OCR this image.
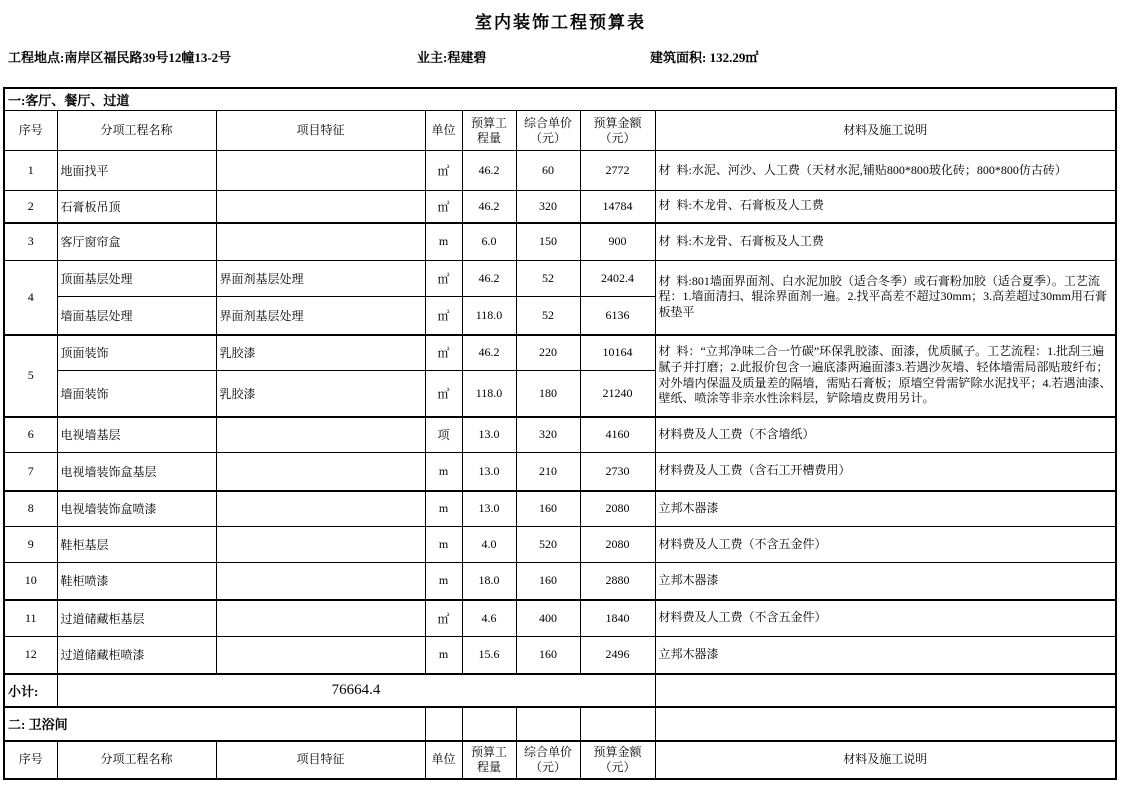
室内装饰工程预算表
工程地点:南岸区福民路39号12幢13-2号	业主:程建碧	建筑面积: 132.29㎡
一:客厅、餐厅、过道							
序号	分项工程名称	项目特征	单位	预算工程量	综合单价（元）	预算金额（元）	材料及施工说明
1	地面找平		㎡	46.2	60	2772	材  料:水泥、河沙、人工费（天材水泥,铺贴800*800玻化砖；800*800仿古砖）
2	石膏板吊顶		㎡	46.2	320	14784	材  料:木龙骨、石膏板及人工费
3	客厅窗帘盒		m	6.0	150	900	材  料:木龙骨、石膏板及人工费
4	顶面基层处理	界面剂基层处理	㎡	46.2	52	2402.4	材  料:801墙面界面剂、白水泥加胶（适合冬季）或石膏粉加胶（适合夏季）。工艺流程：1.墙面清扫、辊涂界面剂一遍。2.找平高差不超过30mm；3.高差超过30mm用石膏板垫平
	墙面基层处理	界面剂基层处理	㎡	118.0	52	6136	
5	顶面装饰	乳胶漆	㎡	46.2	220	10164	材  料：“立邦净味二合一竹碳”环保乳胶漆、面漆，优质腻子。工艺流程：1.批刮三遍腻子并打磨；2.此报价包含一遍底漆两遍面漆3.若遇沙灰墙、轻体墙需局部贴玻纤布；对外墙内保温及质量差的隔墙，需贴石膏板；原墙空骨需铲除水泥找平；4.若遇油漆、壁纸、喷涂等非亲水性涂料层，铲除墙皮费用另计。
	墙面装饰	乳胶漆	㎡	118.0	180	21240	
6	电视墙基层		项	13.0	320	4160	材料费及人工费（不含墙纸）
7	电视墙装饰盒基层		m	13.0	210	2730	材料费及人工费（含石工开槽费用）
8	电视墙装饰盒喷漆		m	13.0	160	2080	立邦木器漆
9	鞋柜基层		m	4.0	520	2080	材料费及人工费（不含五金件）
10	鞋柜喷漆		m	18.0	160	2880	立邦木器漆
11	过道储藏柜基层		㎡	4.6	400	1840	材料费及人工费（不含五金件）
12	过道储藏柜喷漆		m	15.6	160	2496	立邦木器漆
小计:	76664.4						
二: 卫浴间							
序号	分项工程名称	项目特征	单位	预算工程量	综合单价（元）	预算金额（元）	材料及施工说明
